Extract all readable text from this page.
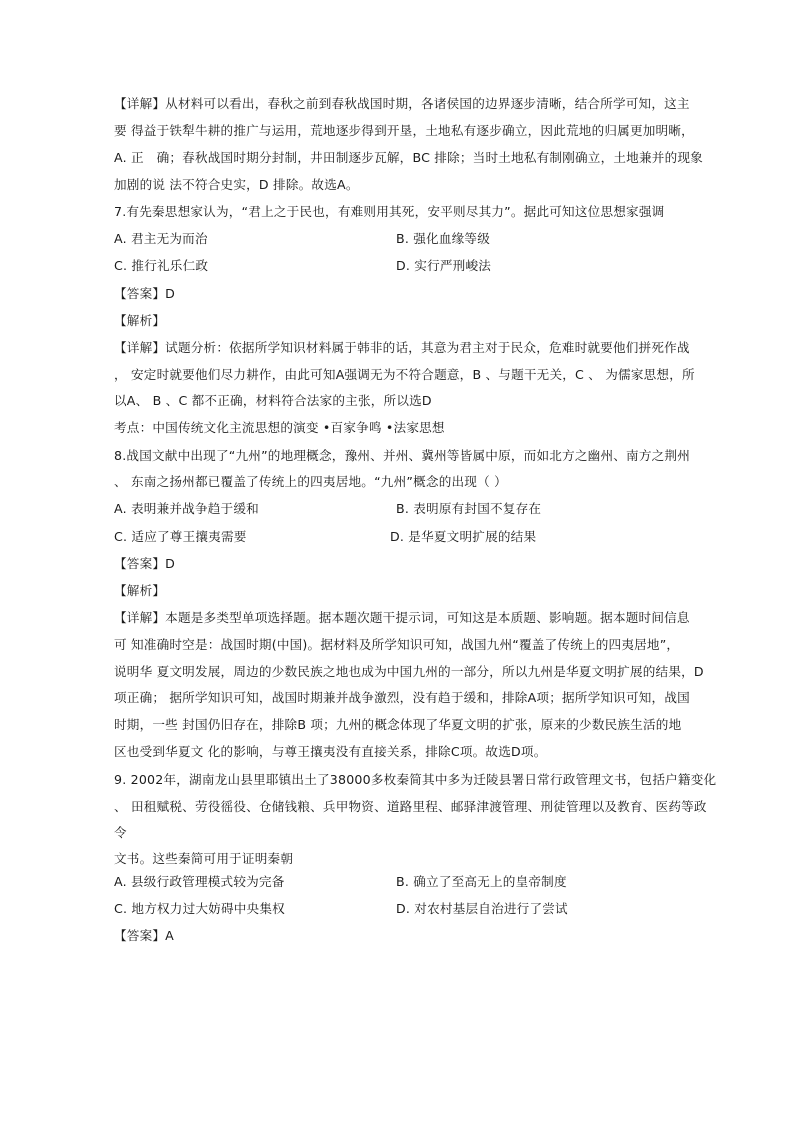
【详解】从材料可以看出，春秋之前到春秋战国时期，各诸侯国的边界逐步清晰，结合所学可知，这主
要 得益于铁犁牛耕的推广与运用，荒地逐步得到开垦，土地私有逐步确立，因此荒地的归属更加明晰，
A. 正　确；春秋战国时期分封制，井田制逐步瓦解，BC 排除；当时土地私有制刚确立，土地兼并的现象
加剧的说 法不符合史实，D 排除。故选A。
7.有先秦思想家认为，“君上之于民也，有难则用其死，安平则尽其力”。据此可知这位思想家强调
A. 君主无为而治	B. 强化血缘等级
C. 推行礼乐仁政	D. 实行严刑峻法
【答案】D
【解析】
【详解】试题分析：依据所学知识材料属于韩非的话，其意为君主对于民众，危难时就要他们拼死作战
， 安定时就要他们尽力耕作，由此可知A强调无为不符合题意，B 、与题干无关，C 、 为儒家思想，所
以A、 B 、C 都不正确，材料符合法家的主张，所以选D
考点：中国传统文化主流思想的演变 •百家争鸣 •法家思想
8.战国文献中出现了“九州”的地理概念，豫州、并州、冀州等皆属中原，而如北方之幽州、南方之荆州
、 东南之扬州都已覆盖了传统上的四夷居地。“九州”概念的出现（ ）
A. 表明兼并战争趋于缓和	B. 表明原有封国不复存在
C. 适应了尊王攘夷需要	D. 是华夏文明扩展的结果
【答案】D
【解析】
【详解】本题是多类型单项选择题。据本题次题干提示词，可知这是本质题、影响题。据本题时间信息
可 知准确时空是：战国时期(中国)。据材料及所学知识可知，战国九州“覆盖了传统上的四夷居地”，
说明华 夏文明发展，周边的少数民族之地也成为中国九州的一部分，所以九州是华夏文明扩展的结果，D
项正确； 据所学知识可知，战国时期兼并战争激烈，没有趋于缓和，排除A项；据所学知识可知，战国
时期，一些 封国仍旧存在，排除B 项；九州的概念体现了华夏文明的扩张，原来的少数民族生活的地
区也受到华夏文 化的影响，与尊王攘夷没有直接关系，排除C项。故选D项。
9. 2002年，湖南龙山县里耶镇出土了38000多枚秦简其中多为迁陵县署日常行政管理文书，包括户籍变化
、 田租赋税、劳役徭役、仓储钱粮、兵甲物资、道路里程、邮驿津渡管理、刑徒管理以及教育、医药等政
令
文书。这些秦简可用于证明秦朝
A. 县级行政管理模式较为完备	B. 确立了至高无上的皇帝制度
C. 地方权力过大妨碍中央集权	D. 对农村基层自治进行了尝试
【答案】A
